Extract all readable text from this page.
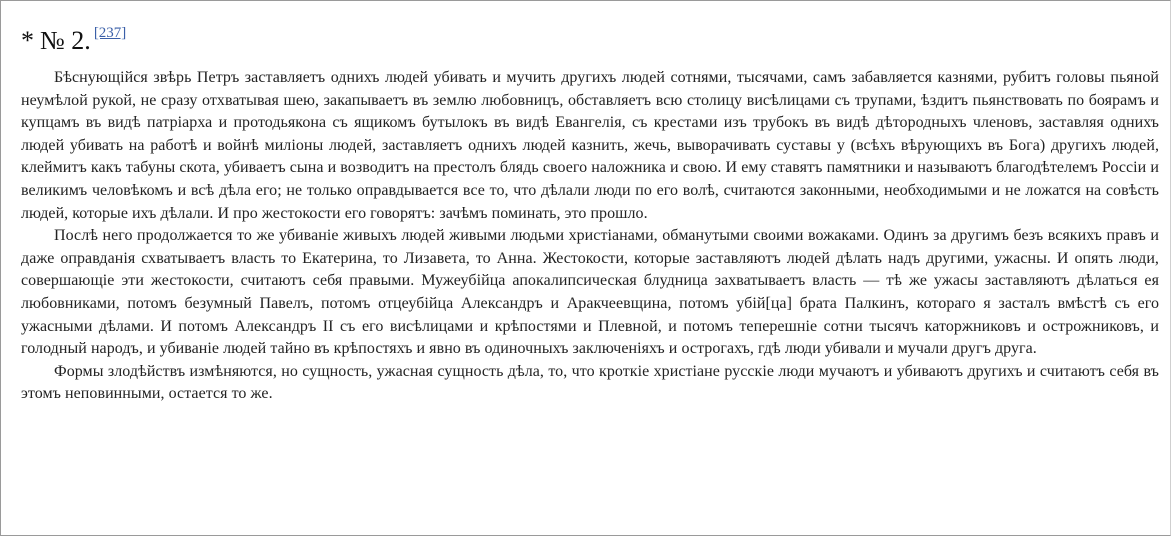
* № 2. [237]

Бѣснующійся звѣрь Петръ заставляетъ однихъ людей убивать и мучить другихъ людей сотнями, тысячами, самъ забавляется казнями, рубитъ головы пьяной неумѣлой рукой, не сразу отхватывая шею, закапываетъ въ землю любовницъ, обставляетъ всю столицу висѣлицами съ трупами, ѣздитъ пьянствовать по боярамъ и купцамъ въ видѣ патріарха и протодьякона съ ящикомъ бутылокъ въ видѣ Евангелія, съ крестами изъ трубокъ въ видѣ дѣтородныхъ членовъ, заставляя однихъ людей убивать на работѣ и войнѣ миліоны людей, заставляетъ однихъ людей казнить, жечь, выворачивать суставы у (всѣхъ вѣрующихъ въ Бога) другихъ людей, клеймитъ какъ табуны скота, убиваетъ сына и возводитъ на престолъ блядь своего наложника и свою. И ему ставятъ памятники и называютъ благодѣтелемъ Россіи и великимъ человѣкомъ и всѣ дѣла его; не только оправдывается все то, что дѣлали люди по его волѣ, считаются законными, необходимыми и не ложатся на совѣсть людей, которые ихъ дѣлали. И про жестокости его говорятъ: зачѣмъ поминать, это прошло.

Послѣ него продолжается то же убиваніе живыхъ людей живыми людьми христіанами, обманутыми своими вожаками. Одинъ за другимъ безъ всякихъ правъ и даже оправданія схватываетъ власть то Екатерина, то Лизавета, то Анна. Жестокости, которые заставляютъ людей дѣлать надъ другими, ужасны. И опять люди, совершающіе эти жестокости, считаютъ себя правыми. Мужеубійца апокалипсическая блудница захватываетъ власть — тѣ же ужасы заставляютъ дѣлаться ея любовниками, потомъ безумный Павелъ, потомъ отцеубійца Александръ и Аракчеевщина, потомъ убій[ца] брата Палкинъ, котораго я засталъ вмѣстѣ съ его ужасными дѣлами. И потомъ Александръ II съ его висѣлицами и крѣпостями и Плевной, и потомъ теперешніе сотни тысячъ каторжниковъ и острожниковъ, и голодный народъ, и убиваніе людей тайно въ крѣпостяхъ и явно въ одиночныхъ заключеніяхъ и острогахъ, гдѣ люди убивали и мучали другъ друга.

Формы злодѣйствъ измѣняются, но сущность, ужасная сущность дѣла, то, что кроткіе христіане русскіе люди мучаютъ и убиваютъ другихъ и считаютъ себя въ этомъ неповинными, остается то же.
